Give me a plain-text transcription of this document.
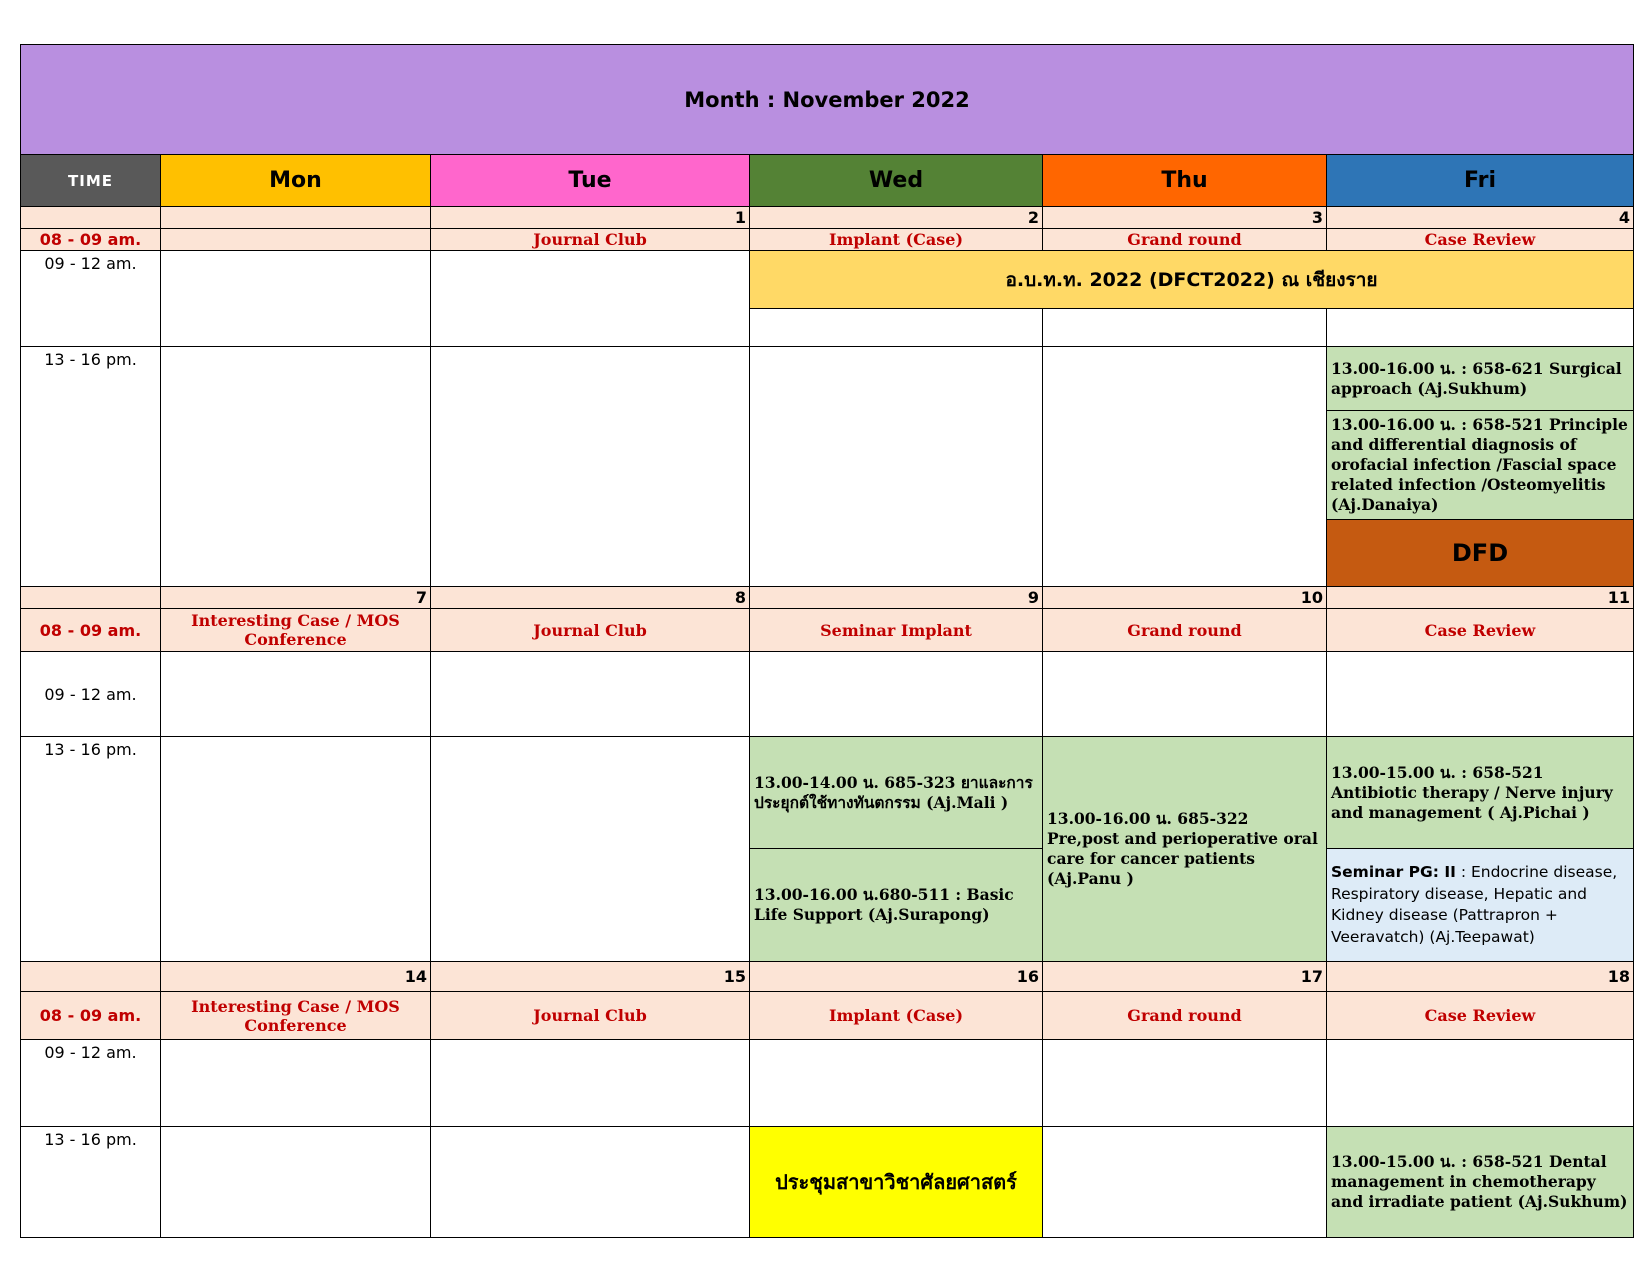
Month : November 2022					
TIME	Mon	Tue	Wed	Thu	Fri
		1	2	3	4
08 - 09 am.		Journal Club	Implant (Case)	Grand round	Case Review
09 - 12 am.			อ.บ.ท.ท. 2022 (DFCT2022) ณ เชียงราย		

13 - 16 pm.					13.00-16.00 น. : 658-621 Surgical approach (Aj.Sukhum)
					13.00-16.00 น. : 658-521 Principle and differential diagnosis of orofacial infection /Fascial space related infection /Osteomyelitis (Aj.Danaiya)
					DFD
	7	8	9	10	11
08 - 09 am.	Interesting Case / MOS Conference	Journal Club	Seminar Implant	Grand round	Case Review
09 - 12 am.					
13 - 16 pm.			13.00-14.00 น. 685-323 ยาและการประยุกต์ใช้ทางทันตกรรม (Aj.Mali )	13.00-16.00 น. 685-322 Pre,post and perioperative oral care for cancer patients (Aj.Panu )	13.00-15.00 น. : 658-521 Antibiotic therapy / Nerve injury and management ( Aj.Pichai )
			13.00-16.00 น.680-511 : Basic Life Support (Aj.Surapong)		Seminar PG: II : Endocrine disease, Respiratory disease, Hepatic and Kidney disease (Pattrapron + Veeravatch) (Aj.Teepawat)
	14	15	16	17	18
08 - 09 am.	Interesting Case / MOS Conference	Journal Club	Implant (Case)	Grand round	Case Review
09 - 12 am.					
13 - 16 pm.			ประชุมสาขาวิชาศัลยศาสตร์		13.00-15.00 น. : 658-521 Dental management in chemotherapy and irradiate patient (Aj.Sukhum)
